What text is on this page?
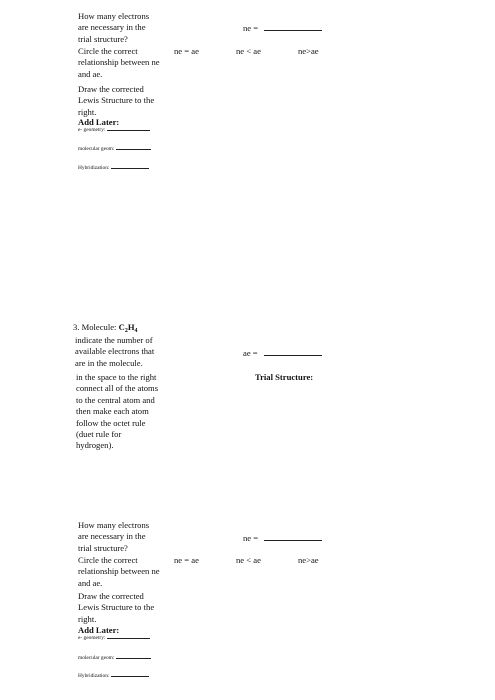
How many electrons
are necessary in the
trial structure?
ne =
Circle the correct
relationship between ne
and ae.
ne = ae	ne < ae	ne>ae
Draw the corrected
Lewis Structure to the
right.
Add Later:
e- geometry:
molecular geom:
Hybridization:
3. Molecule: $C_2H_4$
indicate the number of
available electrons that
are in the molecule.
ae =
in the space to the right
connect all of the atoms
to the central atom and
then make each atom
follow the octet rule
(duet rule for
hydrogen).
Trial Structure:
How many electrons
are necessary in the
trial structure?
ne =
Circle the correct
relationship between ne
and ae.
ne = ae	ne < ae	ne>ae
Draw the corrected
Lewis Structure to the
right.
Add Later:
e- geometry:
molecular geom:
Hybridization:
